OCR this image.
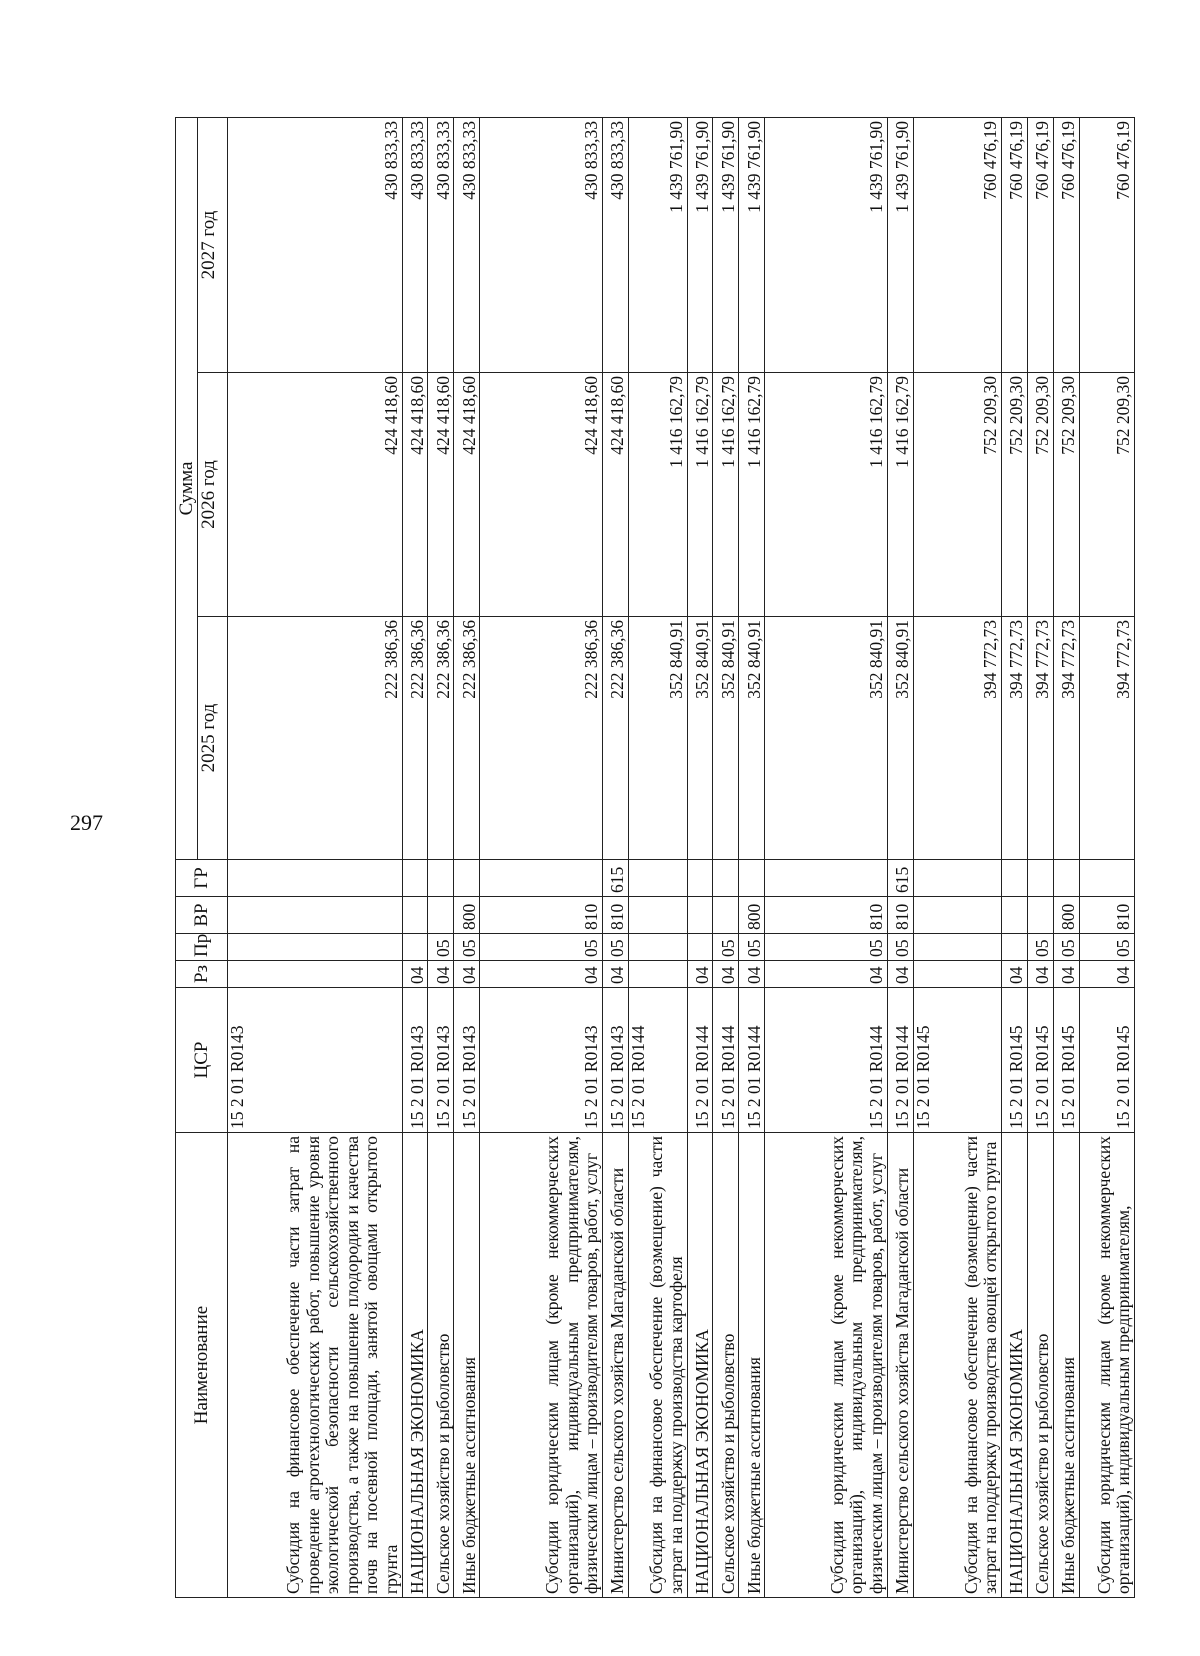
297
Наименование	ЦСР	Рз	Пр	ВР	ГР	Сумма		
						2025 год	2026 год	2027 год
Субсидия на финансовое обеспечение части затрат на проведение агротехнологических работ, повышение уровня экологической безопасности сельскохозяйственного производства, а также на повышение плодородия и качества почв на посевной площади, занятой овощами открытого грунта	15 2 01 R0143					222 386,36	424 418,60	430 833,33
НАЦИОНАЛЬНАЯ ЭКОНОМИКА	15 2 01 R0143	04				222 386,36	424 418,60	430 833,33
Сельское хозяйство и рыболовство	15 2 01 R0143	04	05			222 386,36	424 418,60	430 833,33
Иные бюджетные ассигнования	15 2 01 R0143	04	05	800		222 386,36	424 418,60	430 833,33
Субсидии юридическим лицам (кроме некоммерческих организаций), индивидуальным предпринимателям, физическим лицам – производителям товаров, работ, услуг	15 2 01 R0143	04	05	810		222 386,36	424 418,60	430 833,33
Министерство сельского хозяйства Магаданской области	15 2 01 R0143	04	05	810	615	222 386,36	424 418,60	430 833,33
Субсидия на финансовое обеспечение (возмещение) части затрат на поддержку производства картофеля	15 2 01 R0144					352 840,91	1 416 162,79	1 439 761,90
НАЦИОНАЛЬНАЯ ЭКОНОМИКА	15 2 01 R0144	04				352 840,91	1 416 162,79	1 439 761,90
Сельское хозяйство и рыболовство	15 2 01 R0144	04	05			352 840,91	1 416 162,79	1 439 761,90
Иные бюджетные ассигнования	15 2 01 R0144	04	05	800		352 840,91	1 416 162,79	1 439 761,90
Субсидии юридическим лицам (кроме некоммерческих организаций), индивидуальным предпринимателям, физическим лицам – производителям товаров, работ, услуг	15 2 01 R0144	04	05	810		352 840,91	1 416 162,79	1 439 761,90
Министерство сельского хозяйства Магаданской области	15 2 01 R0144	04	05	810	615	352 840,91	1 416 162,79	1 439 761,90
Субсидия на финансовое обеспечение (возмещение) части затрат на поддержку производства овощей открытого грунта	15 2 01 R0145					394 772,73	752 209,30	760 476,19
НАЦИОНАЛЬНАЯ ЭКОНОМИКА	15 2 01 R0145	04				394 772,73	752 209,30	760 476,19
Сельское хозяйство и рыболовство	15 2 01 R0145	04	05			394 772,73	752 209,30	760 476,19
Иные бюджетные ассигнования	15 2 01 R0145	04	05	800		394 772,73	752 209,30	760 476,19
Субсидии юридическим лицам (кроме некоммерческих организаций), индивидуальным предпринимателям,	15 2 01 R0145	04	05	810		394 772,73	752 209,30	760 476,19
